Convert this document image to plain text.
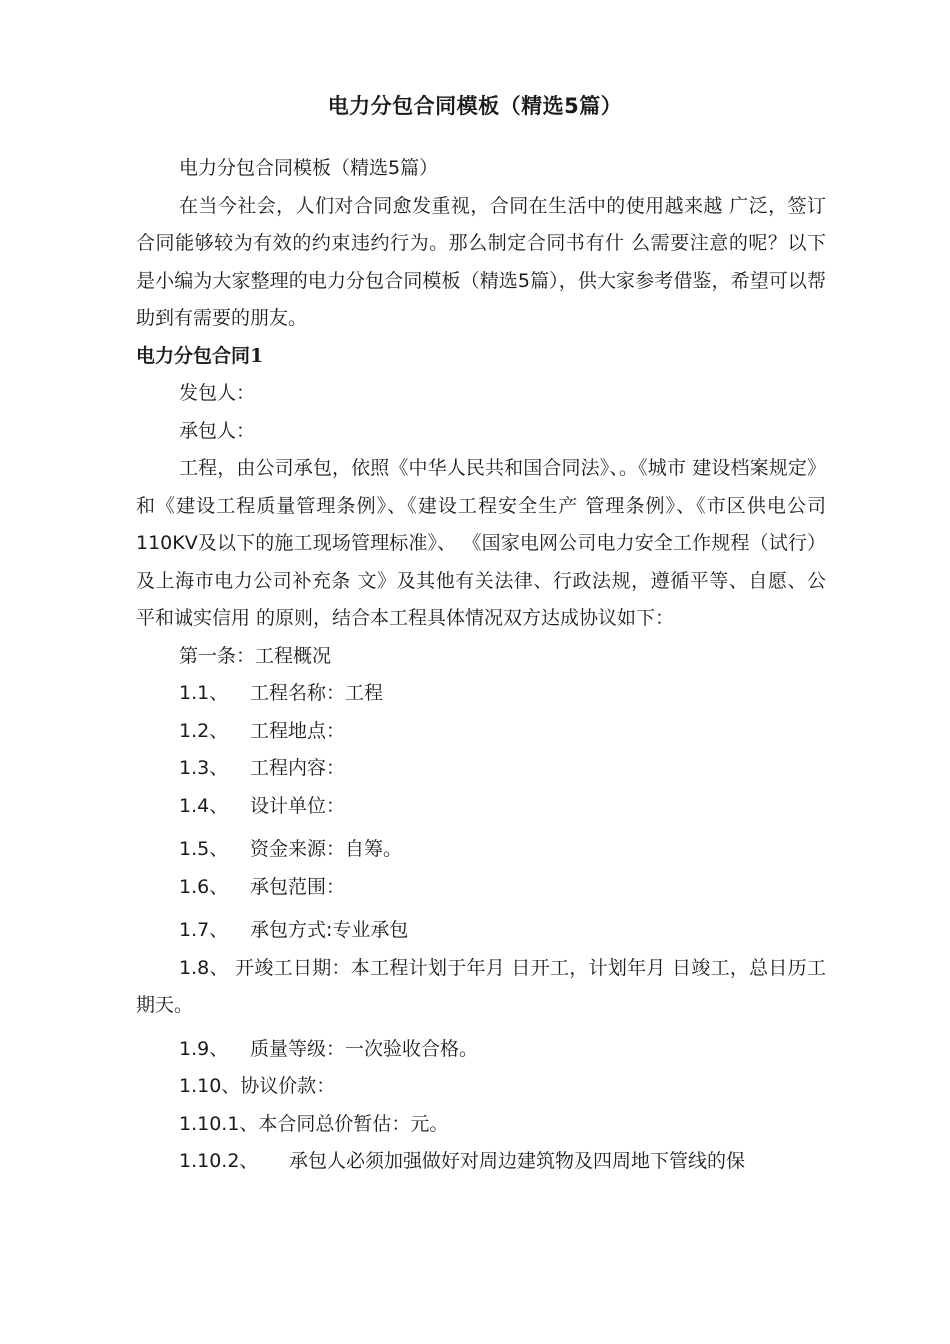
电力分包合同模板（精选5篇）

电力分包合同模板（精选5篇）

在当今社会，人们对合同愈发重视，合同在生活中的使用越来越 广泛，签订合同能够较为有效的约束违约行为。那么制定合同书有什 么需要注意的呢？以下是小编为大家整理的电力分包合同模板（精选5篇），供大家参考借鉴，希望可以帮助到有需要的朋友。

电力分包合同1

发包人：

承包人：

工程，由公司承包，依照《中华人民共和国合同法》、。《城市 建设档案规定》和《建设工程质量管理条例》、《建设工程安全生产 管理条例》、《市区供电公司110KV及以下的施工现场管理标准》、 《国家电网公司电力安全工作规程（试行）及上海市电力公司补充条 文》及其他有关法律、行政法规，遵循平等、自愿、公平和诚实信用 的原则，结合本工程具体情况双方达成协议如下：

第一条：工程概况

1.1、 工程名称：工程

1.2、 工程地点：

1.3、 工程内容：

1.4、 设计单位：

1.5、 资金来源：自筹。

1.6、 承包范围：

1.7、 承包方式:专业承包

1.8、 开竣工日期：本工程计划于年月 日开工，计划年月 日竣工，总日历工期天。

1.9、 质量等级：一次验收合格。

1.10、协议价款：

1.10.1、本合同总价暂估：元。

1.10.2、 承包人必须加强做好对周边建筑物及四周地下管线的保
